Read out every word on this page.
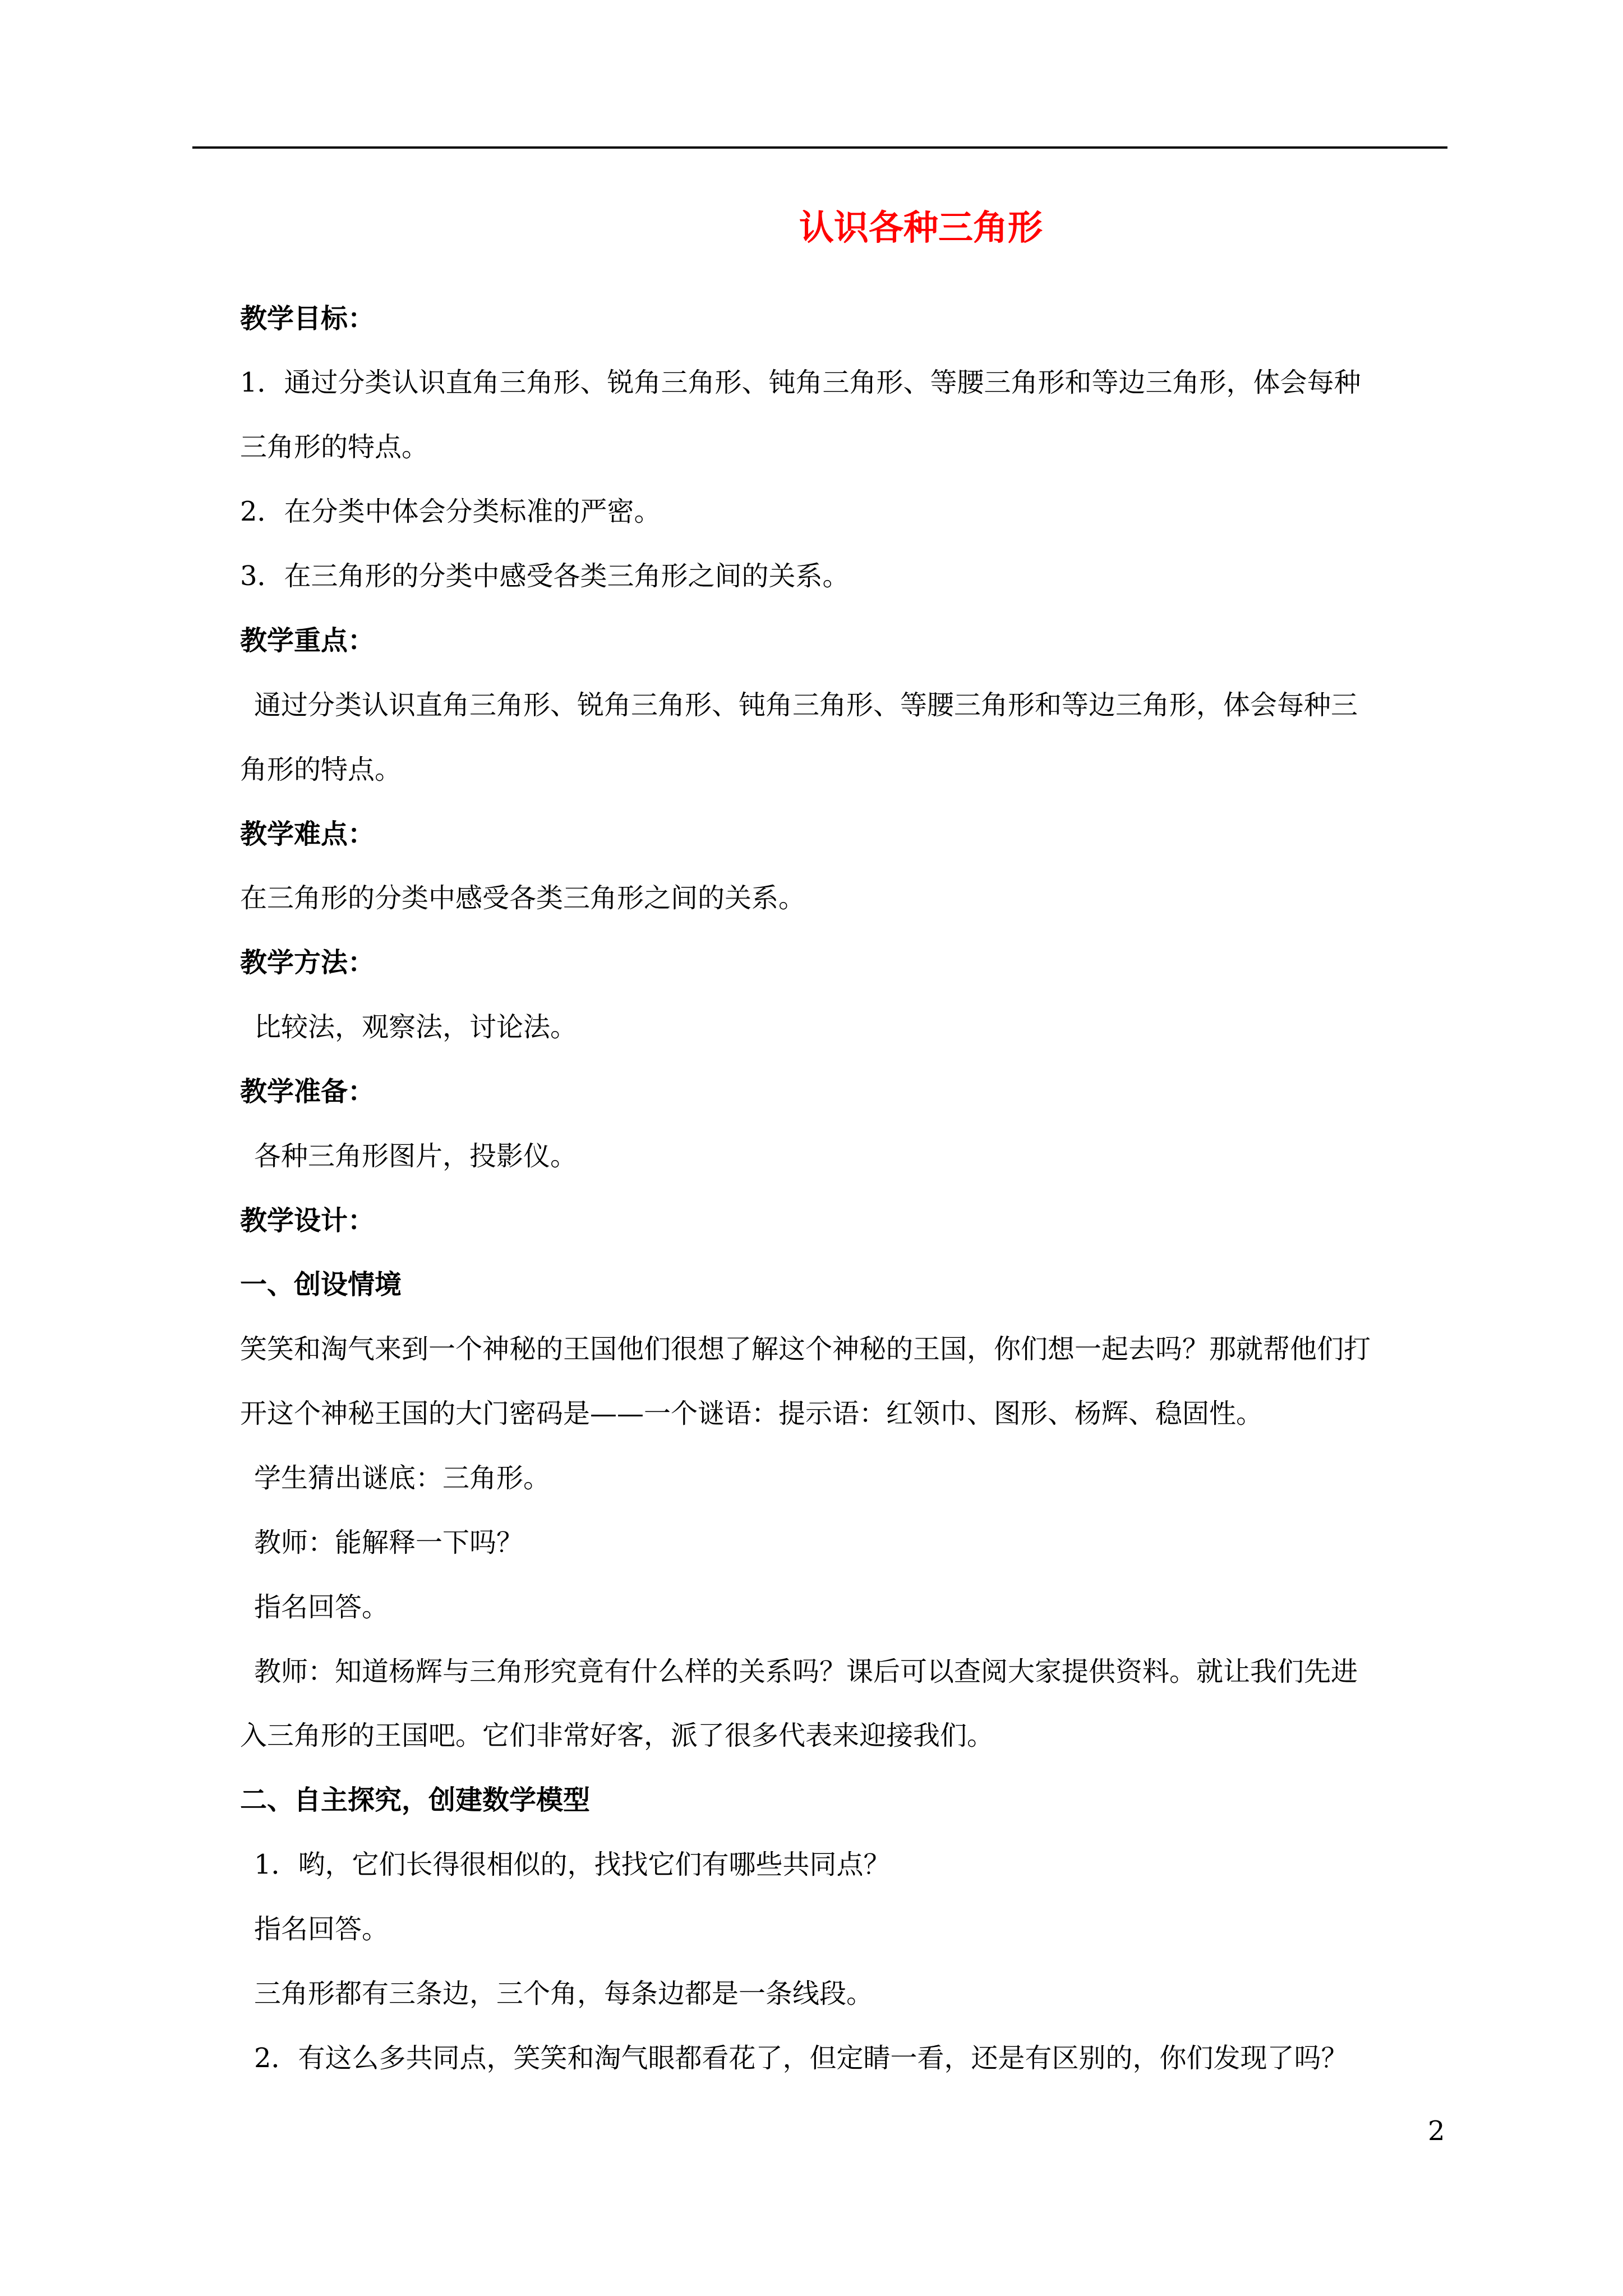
认识各种三角形
教学目标：
1．通过分类认识直角三角形、锐角三角形、钝角三角形、等腰三角形和等边三角形，体会每种
三角形的特点。
2．在分类中体会分类标准的严密。
3．在三角形的分类中感受各类三角形之间的关系。
教学重点：
通过分类认识直角三角形、锐角三角形、钝角三角形、等腰三角形和等边三角形，体会每种三
角形的特点。
教学难点：
在三角形的分类中感受各类三角形之间的关系。
教学方法：
比较法，观察法，讨论法。
教学准备：
各种三角形图片，投影仪。
教学设计：
一、创设情境
笑笑和淘气来到一个神秘的王国他们很想了解这个神秘的王国，你们想一起去吗？那就帮他们打
开这个神秘王国的大门密码是——一个谜语：提示语：红领巾、图形、杨辉、稳固性。
学生猜出谜底：三角形。
教师：能解释一下吗？
指名回答。
教师：知道杨辉与三角形究竟有什么样的关系吗？课后可以查阅大家提供资料。就让我们先进
入三角形的王国吧。它们非常好客，派了很多代表来迎接我们。
二、自主探究，创建数学模型
1．哟，它们长得很相似的，找找它们有哪些共同点？
指名回答。
三角形都有三条边，三个角，每条边都是一条线段。
2．有这么多共同点，笑笑和淘气眼都看花了，但定睛一看，还是有区别的，你们发现了吗？
2
